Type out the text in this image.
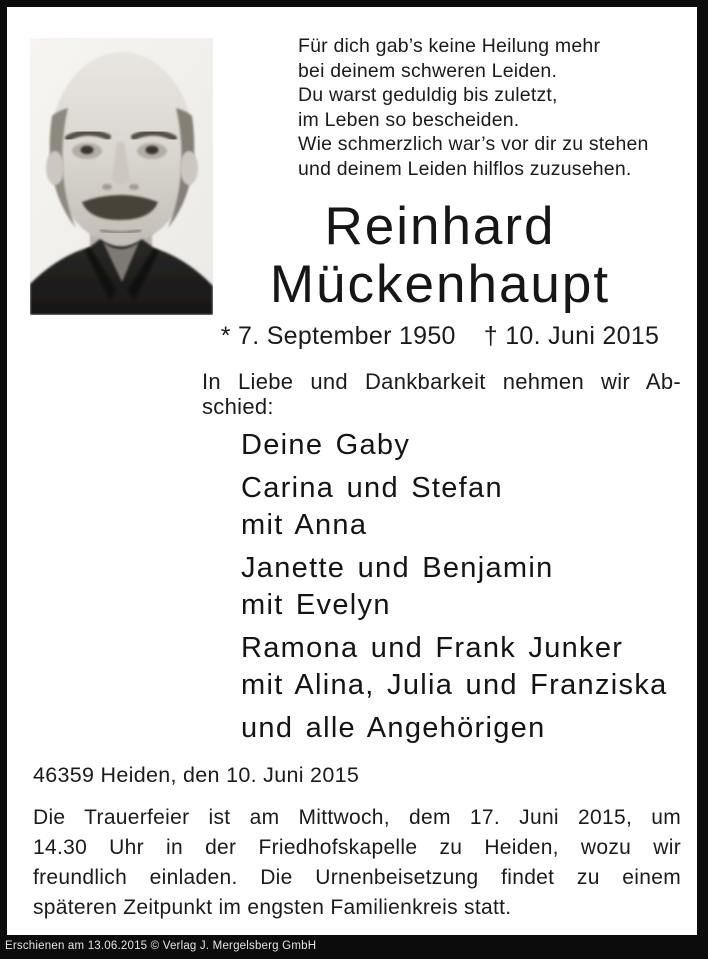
Für dich gab’s keine Heilung mehr
bei deinem schweren Leiden.
Du warst geduldig bis zuletzt,
im Leben so bescheiden.
Wie schmerzlich war’s vor dir zu stehen
und deinem Leiden hilflos zuzusehen.
Reinhard
Mückenhaupt
* 7. September 1950 † 10. Juni 2015
In Liebe und Dankbarkeit nehmen wir Ab-
schied:
Deine Gaby
Carina und Stefan
mit Anna
Janette und Benjamin
mit Evelyn
Ramona und Frank Junker
mit Alina, Julia und Franziska
und alle Angehörigen
46359 Heiden, den 10. Juni 2015
Die Trauerfeier ist am Mittwoch, dem 17. Juni 2015, um
14.30 Uhr in der Friedhofskapelle zu Heiden, wozu wir
freundlich einladen. Die Urnenbeisetzung findet zu einem
späteren Zeitpunkt im engsten Familienkreis statt.
Erschienen am 13.06.2015 © Verlag J. Mergelsberg GmbH
